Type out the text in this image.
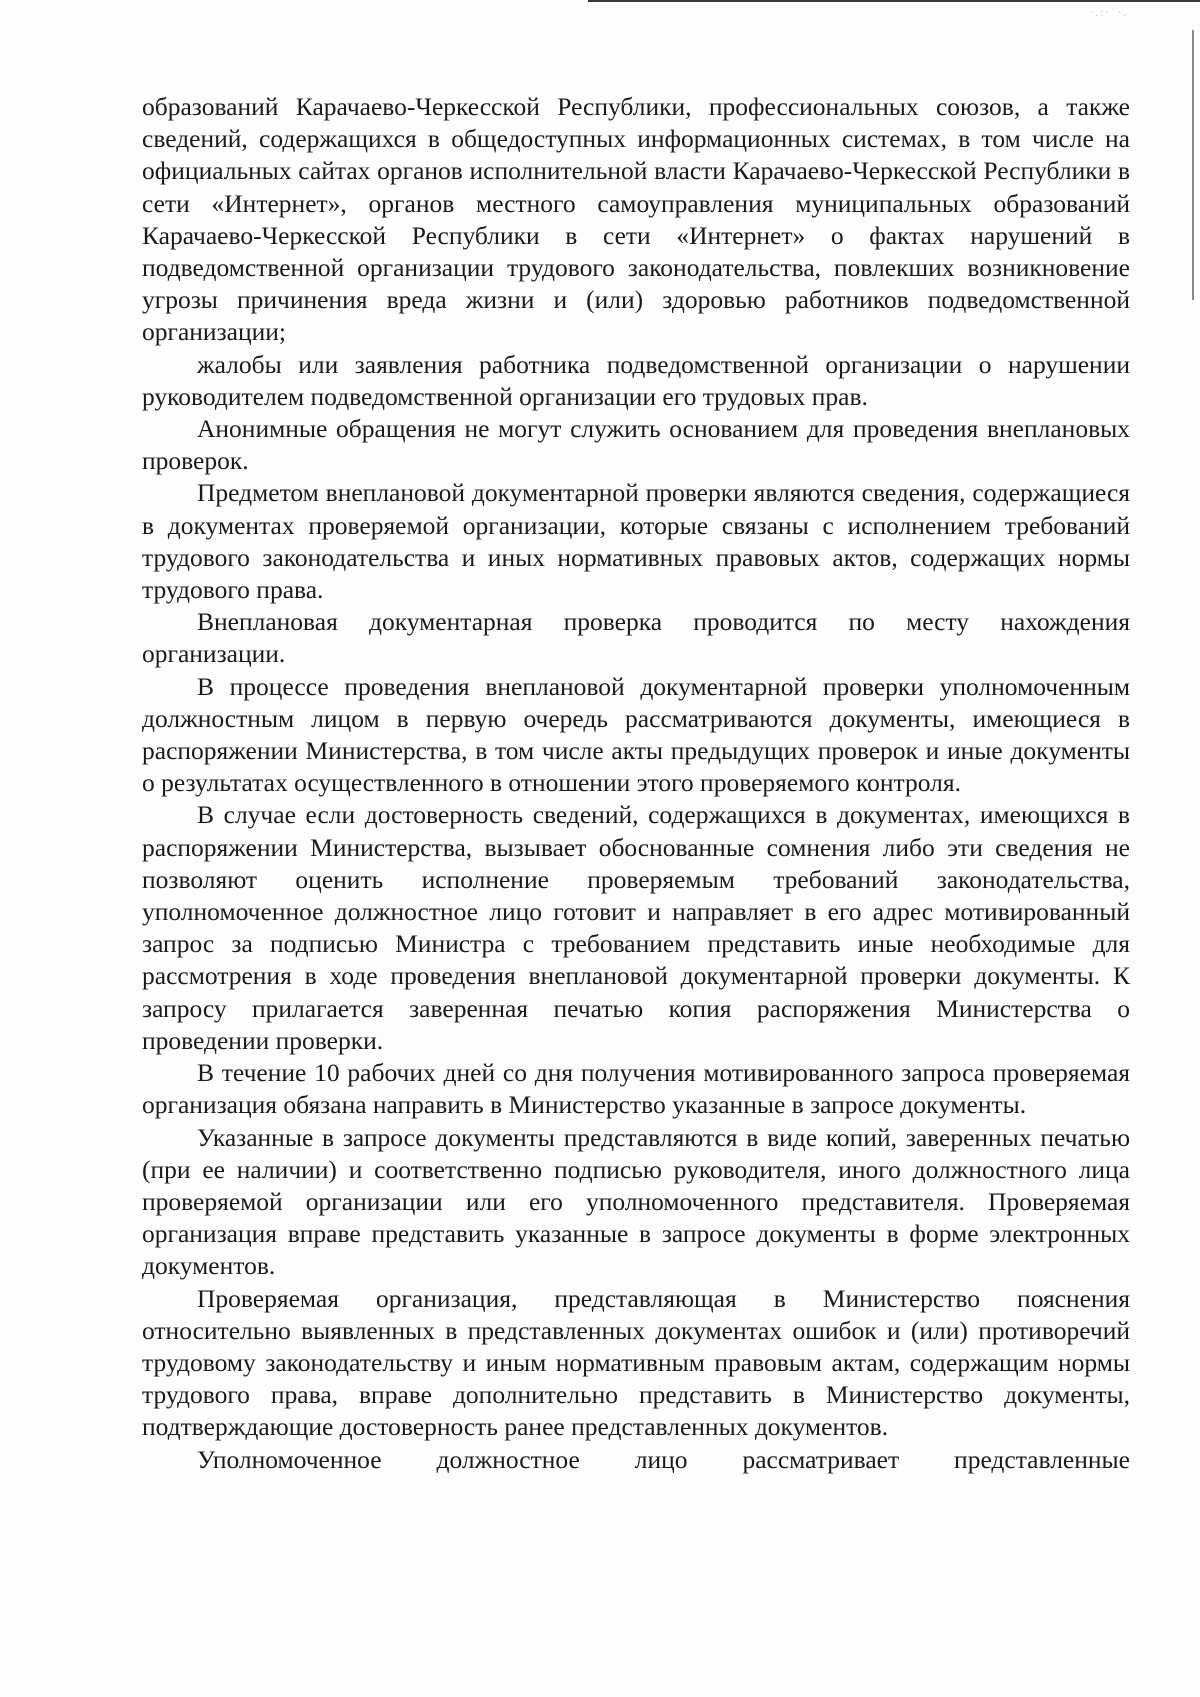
·.:·˙·.

образований Карачаево-Черкесской Республики, профессиональных союзов, а также сведений, содержащихся в общедоступных информационных системах, в том числе на официальных сайтах органов исполнительной власти Карачаево-Черкесской Республики в сети «Интернет», органов местного самоуправления муниципальных образований Карачаево-Черкесской Республики в сети «Интернет» о фактах нарушений в подведомственной организации трудового законодательства, повлекших возникновение угрозы причинения вреда жизни и (или) здоровью работников подведомственной организации;

жалобы или заявления работника подведомственной организации о нарушении руководителем подведомственной организации его трудовых прав.

Анонимные обращения не могут служить основанием для проведения внеплановых проверок.

Предметом внеплановой документарной проверки являются сведения, содержащиеся в документах проверяемой организации, которые связаны с исполнением требований трудового законодательства и иных нормативных правовых актов, содержащих нормы трудового права.

Внеплановая документарная проверка проводится по месту нахождения организации.

В процессе проведения внеплановой документарной проверки уполномоченным должностным лицом в первую очередь рассматриваются документы, имеющиеся в распоряжении Министерства, в том числе акты предыдущих проверок и иные документы о результатах осуществленного в отношении этого проверяемого контроля.

В случае если достоверность сведений, содержащихся в документах, имеющихся в распоряжении Министерства, вызывает обоснованные сомнения либо эти сведения не позволяют оценить исполнение проверяемым требований законодательства, уполномоченное должностное лицо готовит и направляет в его адрес мотивированный запрос за подписью Министра с требованием представить иные необходимые для рассмотрения в ходе проведения внеплановой документарной проверки документы. К запросу прилагается заверенная печатью копия распоряжения Министерства о проведении проверки.

В течение 10 рабочих дней со дня получения мотивированного запроса проверяемая организация обязана направить в Министерство указанные в запросе документы.

Указанные в запросе документы представляются в виде копий, заверенных печатью (при ее наличии) и соответственно подписью руководителя, иного должностного лица проверяемой организации или его уполномоченного представителя. Проверяемая организация вправе представить указанные в запросе документы в форме электронных документов.

Проверяемая организация, представляющая в Министерство пояснения относительно выявленных в представленных документах ошибок и (или) противоречий трудовому законодательству и иным нормативным правовым актам, содержащим нормы трудового права, вправе дополнительно представить в Министерство документы, подтверждающие достоверность ранее представленных документов.

Уполномоченное должностное лицо рассматривает представленные
